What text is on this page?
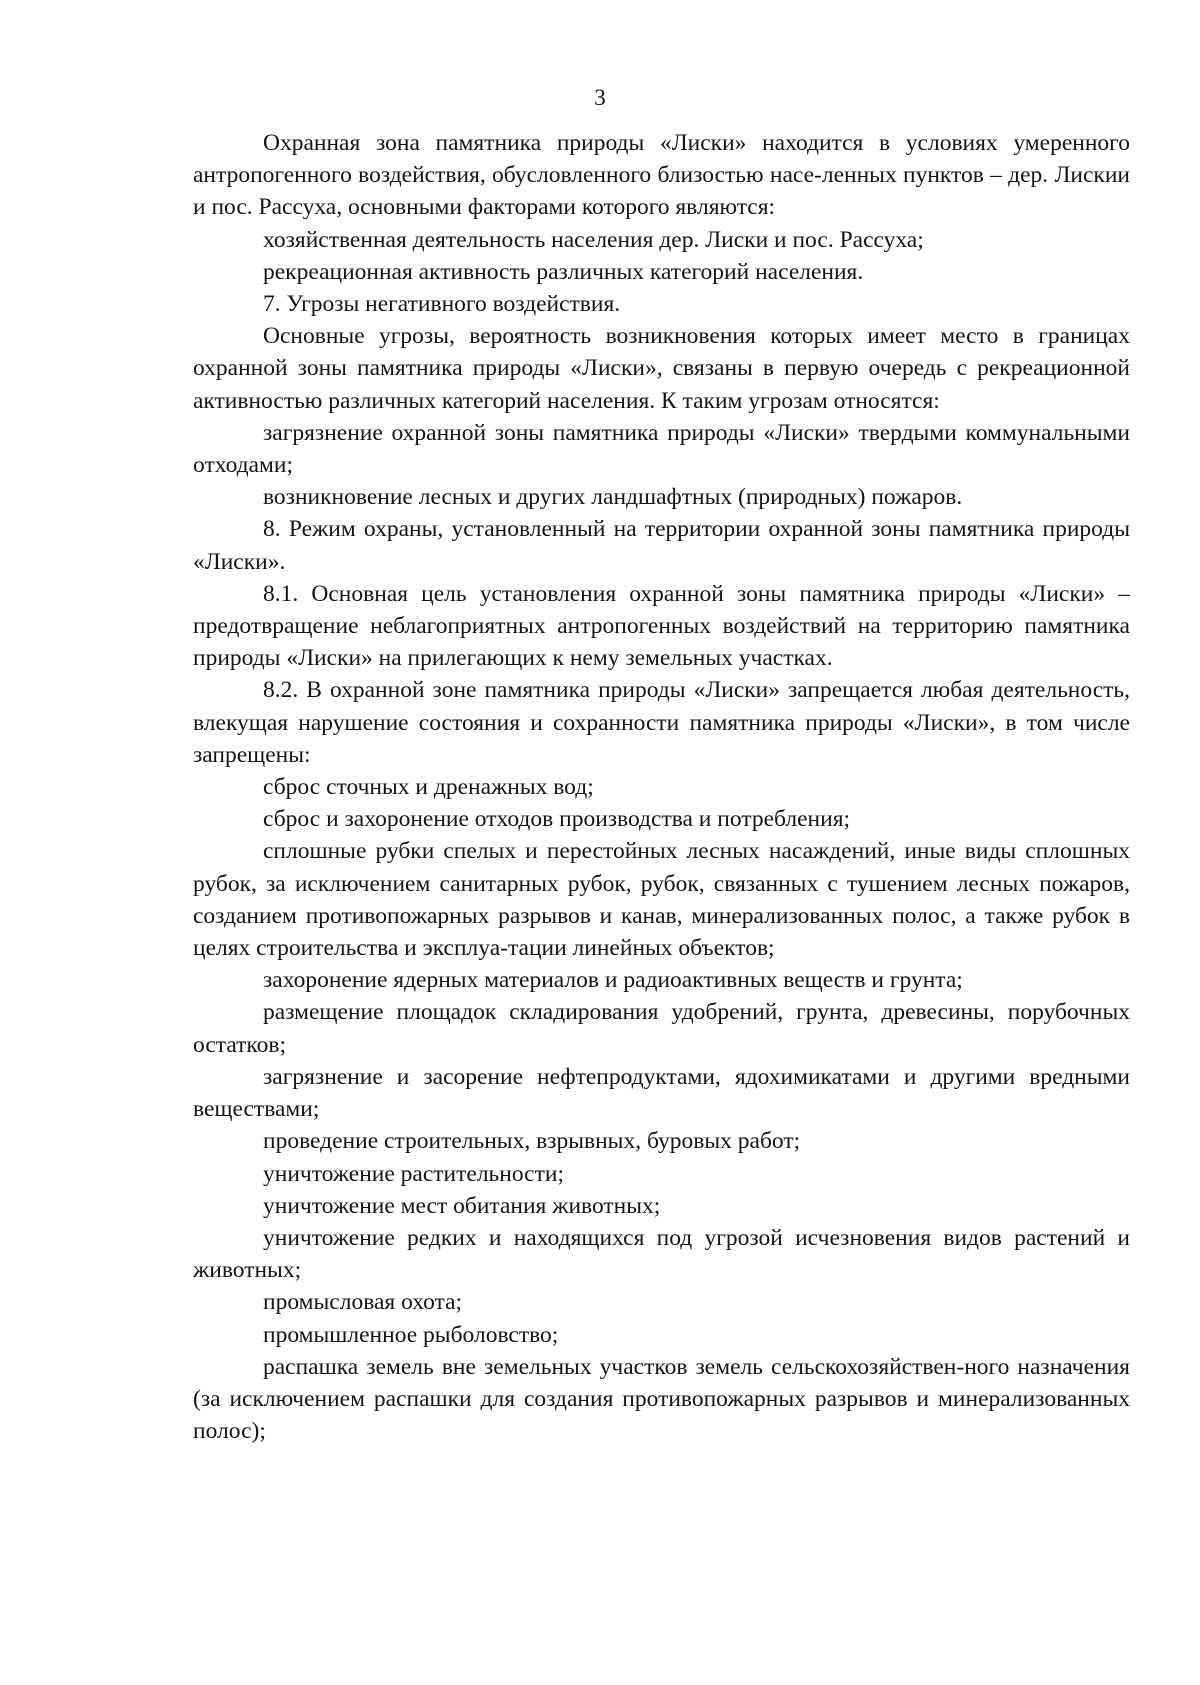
3

Охранная зона памятника природы «Лиски» находится в условиях умеренного антропогенного воздействия, обусловленного близостью насе-ленных пунктов – дер. Лискии и пос. Рассуха, основными факторами которого являются:

хозяйственная деятельность населения дер. Лиски и пос. Рассуха;

рекреационная активность различных категорий населения.

7. Угрозы негативного воздействия.

Основные угрозы, вероятность возникновения которых имеет место в границах охранной зоны памятника природы «Лиски», связаны в первую очередь с рекреационной активностью различных категорий населения. К таким угрозам относятся:

загрязнение охранной зоны памятника природы «Лиски» твердыми коммунальными отходами;

возникновение лесных и других ландшафтных (природных) пожаров.

8. Режим охраны, установленный на территории охранной зоны памятника природы «Лиски».

8.1. Основная цель установления охранной зоны памятника природы «Лиски» – предотвращение неблагоприятных антропогенных воздействий на территорию памятника природы «Лиски» на прилегающих к нему земельных участках.

8.2. В охранной зоне памятника природы «Лиски» запрещается любая деятельность, влекущая нарушение состояния и сохранности памятника природы «Лиски», в том числе запрещены:

сброс сточных и дренажных вод;

сброс и захоронение отходов производства и потребления;

сплошные рубки спелых и перестойных лесных насаждений, иные виды сплошных рубок, за исключением санитарных рубок, рубок, связанных с тушением лесных пожаров, созданием противопожарных разрывов и канав, минерализованных полос, а также рубок в целях строительства и эксплуа-тации линейных объектов;

захоронение ядерных материалов и радиоактивных веществ и грунта;

размещение площадок складирования удобрений, грунта, древесины, порубочных остатков;

загрязнение и засорение нефтепродуктами, ядохимикатами и другими вредными веществами;

проведение строительных, взрывных, буровых работ;

уничтожение растительности;

уничтожение мест обитания животных;

уничтожение редких и находящихся под угрозой исчезновения видов растений и животных;

промысловая охота;

промышленное рыболовство;

распашка земель вне земельных участков земель сельскохозяйствен-ного назначения (за исключением распашки для создания противопожарных разрывов и минерализованных полос);
